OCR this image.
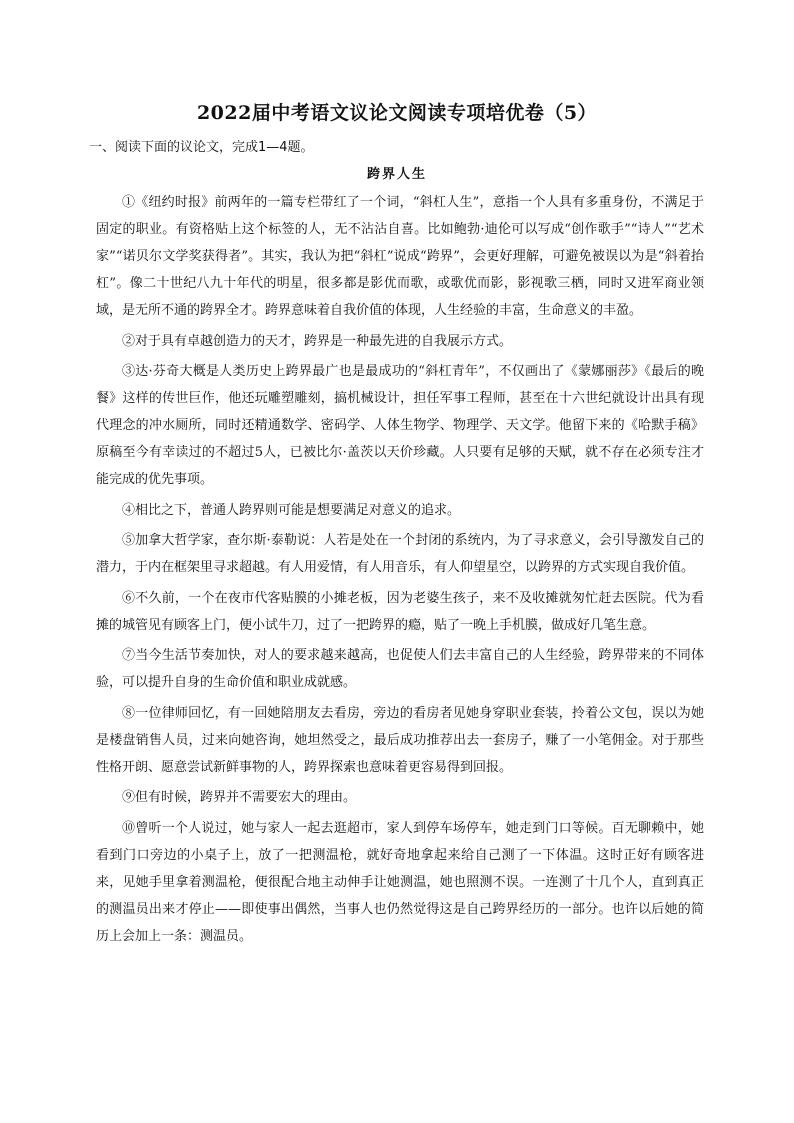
2022届中考语文议论文阅读专项培优卷（5）
一、阅读下面的议论文，完成1—4题。
跨界人生

①《纽约时报》前两年的一篇专栏带红了一个词，“斜杠人生”，意指一个人具有多重身份，不满足于固定的职业。有资格贴上这个标签的人，无不沾沾自喜。比如鲍勃·迪伦可以写成“创作歌手”“诗人”“艺术家”“诺贝尔文学奖获得者”。其实，我认为把“斜杠”说成“跨界”，会更好理解，可避免被误以为是“斜着抬杠”。像二十世纪八九十年代的明星，很多都是影优而歌，或歌优而影，影视歌三栖，同时又进军商业领域，是无所不通的跨界全才。跨界意味着自我价值的体现，人生经验的丰富，生命意义的丰盈。

②对于具有卓越创造力的天才，跨界是一种最先进的自我展示方式。

③达·芬奇大概是人类历史上跨界最广也是最成功的“斜杠青年”，不仅画出了《蒙娜丽莎》《最后的晚餐》这样的传世巨作，他还玩雕塑雕刻，搞机械设计，担任军事工程师，甚至在十六世纪就设计出具有现代理念的冲水厕所，同时还精通数学、密码学、人体生物学、物理学、天文学。他留下来的《哈默手稿》原稿至今有幸读过的不超过5人，已被比尔·盖茨以天价珍藏。人只要有足够的天赋，就不存在必须专注才能完成的优先事项。

④相比之下，普通人跨界则可能是想要满足对意义的追求。

⑤加拿大哲学家，查尔斯·泰勒说：人若是处在一个封闭的系统内，为了寻求意义，会引导激发自己的潜力，于内在框架里寻求超越。有人用爱情，有人用音乐，有人仰望星空，以跨界的方式实现自我价值。

⑥不久前，一个在夜市代客贴膜的小摊老板，因为老婆生孩子，来不及收摊就匆忙赶去医院。代为看摊的城管见有顾客上门，便小试牛刀，过了一把跨界的瘾，贴了一晚上手机膜，做成好几笔生意。

⑦当今生活节奏加快，对人的要求越来越高，也促使人们去丰富自己的人生经验，跨界带来的不同体验，可以提升自身的生命价值和职业成就感。

⑧一位律师回忆，有一回她陪朋友去看房，旁边的看房者见她身穿职业套装，拎着公文包，误以为她是楼盘销售人员，过来向她咨询，她坦然受之，最后成功推荐出去一套房子，赚了一小笔佣金。对于那些性格开朗、愿意尝试新鲜事物的人，跨界探索也意味着更容易得到回报。

⑨但有时候，跨界并不需要宏大的理由。

⑩曾听一个人说过，她与家人一起去逛超市，家人到停车场停车，她走到门口等候。百无聊赖中，她看到门口旁边的小桌子上，放了一把测温枪，就好奇地拿起来给自己测了一下体温。这时正好有顾客进来，见她手里拿着测温枪，便很配合地主动伸手让她测温，她也照测不误。一连测了十几个人，直到真正的测温员出来才停止——即使事出偶然，当事人也仍然觉得这是自己跨界经历的一部分。也许以后她的简历上会加上一条：测温员。
